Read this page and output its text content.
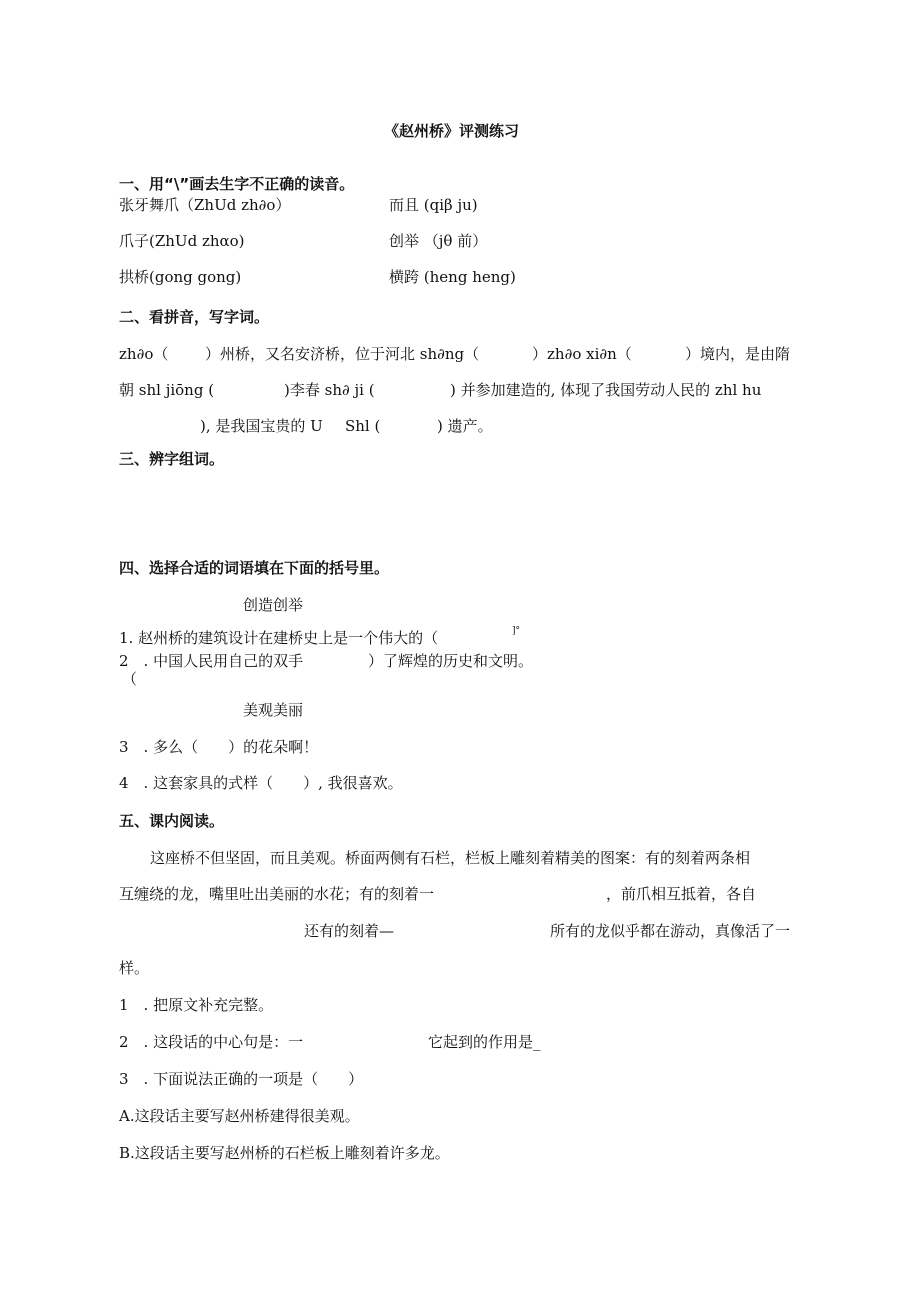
《赵州桥》评测练习
一、用“\”画去生字不正确的读音。
张牙舞爪（ZhUd zh∂o）	而且 (qiβ ju)
爪子(ZhUd zhαo)	创举 （jθ 前）
拱桥(gong gong)	横跨 (heng heng)
二、看拼音，写字词。
zh∂o（ ）州桥，又名安济桥，位于河北 sh∂ng（	）zh∂o xi∂n（	）境内，是由隋
朝 shl jiōng (	)李春 sh∂ ji (	) 并参加建造的, 体现了我国劳动人民的 zhl hu
), 是我国宝贵的 U Shl (	) 遗产。
三、辨字组词。
四、选择合适的词语填在下面的括号里。
创造创举
1. 赵州桥的建筑设计在建桥史上是一个伟大的（	]°
2　. 中国人民用自己的双手	）了辉煌的历史和文明。
（
美观美丽
3　. 多么（　　）的花朵啊！
4　. 这套家具的式样（　　）, 我很喜欢。
五、课内阅读。
这座桥不但坚固，而且美观。桥面两侧有石栏，栏板上雕刻着精美的图案：有的刻着两条相
互缠绕的龙，嘴里吐出美丽的水花；有的刻着一	，前爪相互抵着，各自
还有的刻着—	所有的龙似乎都在游动，真像活了一
样。
1　. 把原文补充完整。
2　. 这段话的中心句是：一	它起到的作用是_
3　. 下面说法正确的一项是（　　）
A.这段话主要写赵州桥建得很美观。
B.这段话主要写赵州桥的石栏板上雕刻着许多龙。
